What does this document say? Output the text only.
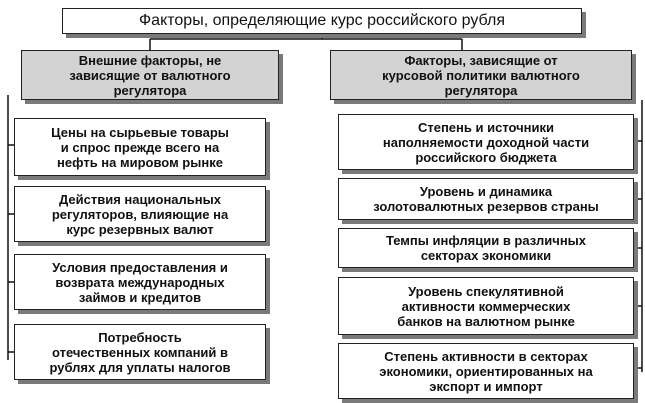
Факторы, определяющие курс российского рубля
Внешние факторы, не
зависящие от валютного
регулятора
Факторы, зависящие от
курсовой политики валютного
регулятора
Цены на сырьевые товары
и спрос прежде всего на
нефть на мировом рынке
Действия национальных
регуляторов, влияющие на
курс резервных валют
Условия предоставления и
возврата международных
займов и кредитов
Потребность
отечественных компаний в
рублях для уплаты налогов
Степень и источники
наполняемости доходной части
российского бюджета
Уровень и динамика
золотовалютных резервов страны
Темпы инфляции в различных
секторах экономики
Уровень спекулятивной
активности коммерческих
банков на валютном рынке
Степень активности в секторах
экономики, ориентированных на
экспорт и импорт
